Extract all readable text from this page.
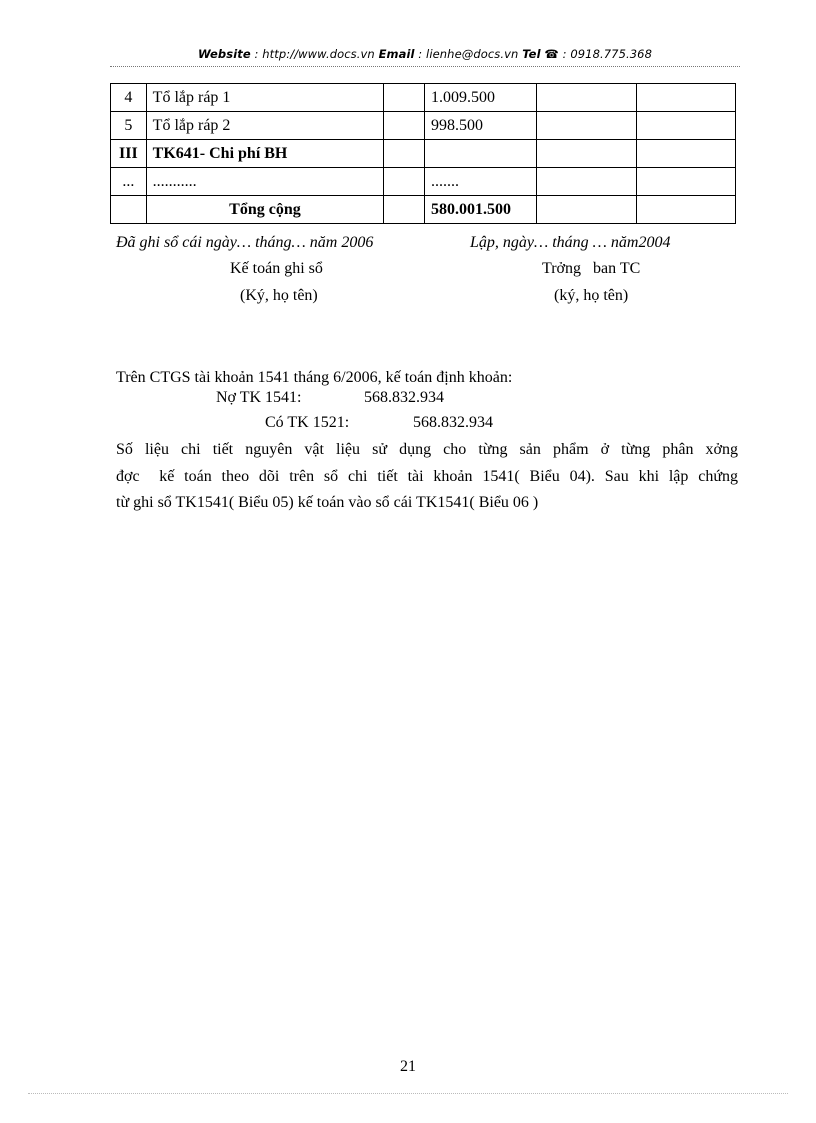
Website : http://www.docs.vn Email : lienhe@docs.vn Tel ☎ : 0918.775.368
4	Tổ lắp ráp 1		1.009.500		
5	Tổ lắp ráp 2		998.500		
III	TK641- Chi phí BH				
...	...........		.......		
	Tổng cộng		580.001.500		
Đã ghi sổ cái ngày… tháng… năm 2006	Lập, ngày… tháng … năm2004
Kế toán ghi sổ	Trởng   ban TC
(Ký, họ tên)	(ký, họ tên)
Trên CTGS tài khoản 1541 tháng 6/2006, kế toán định khoản:
Nợ TK 1541:	568.832.934
Có TK 1521:	568.832.934
Số liệu chi tiết nguyên vật liệu sử dụng cho từng sản phẩm ở từng phân xởng
đợc  kế toán theo dõi trên sổ chi tiết tài khoản 1541( Biểu 04). Sau khi lập chứng
từ ghi sổ TK1541( Biểu 05) kế toán vào sổ cái TK1541( Biểu 06 )
21
